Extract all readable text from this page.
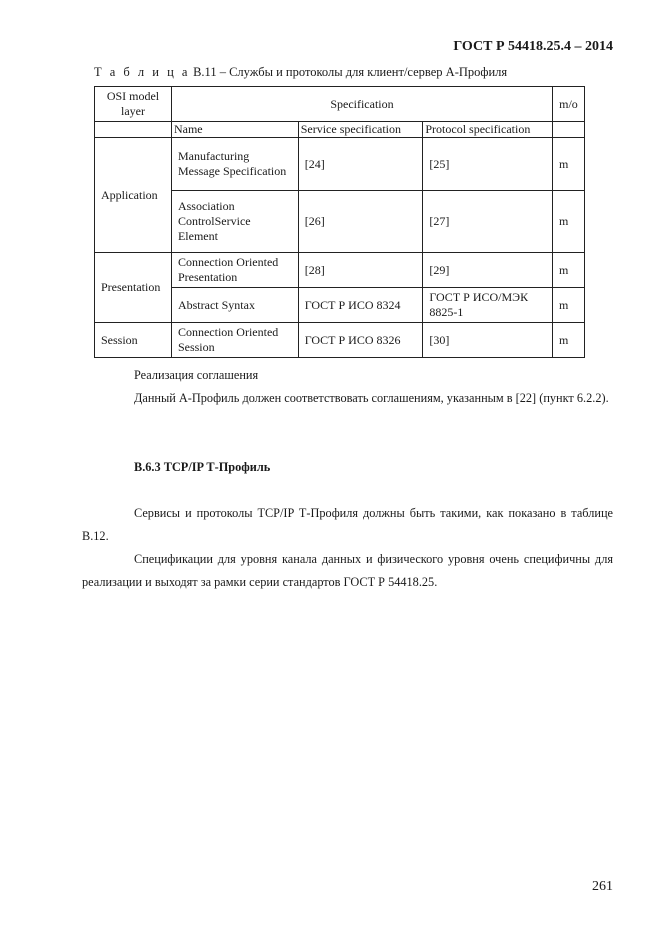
ГОСТ Р 54418.25.4 – 2014
Т а б л и ц а В.11 – Службы и протоколы для клиент/сервер А-Профиля
OSI model layer	Specification			m/o
	Name	Service specification	Protocol specification	
Application	Manufacturing Message Specification	[24]	[25]	m
	Association ControlService Element	[26]	[27]	m
Presentation	Connection Oriented Presentation	[28]	[29]	m
	Abstract Syntax	ГОСТ Р ИСО 8324	ГОСТ Р ИСО/МЭК 8825-1	m
Session	Connection Oriented Session	ГОСТ Р ИСО 8326	[30]	m
Реализация соглашения
Данный А-Профиль должен соответствовать соглашениям, указанным в [22] (пункт 6.2.2).
В.6.3 TCP/IP Т-Профиль
Сервисы и протоколы TCP/IP Т-Профиля должны быть такими, как показано в таблице В.12.
Спецификации для уровня канала данных и физического уровня очень специфичны для реализации и выходят за рамки серии стандартов ГОСТ Р 54418.25.
261
